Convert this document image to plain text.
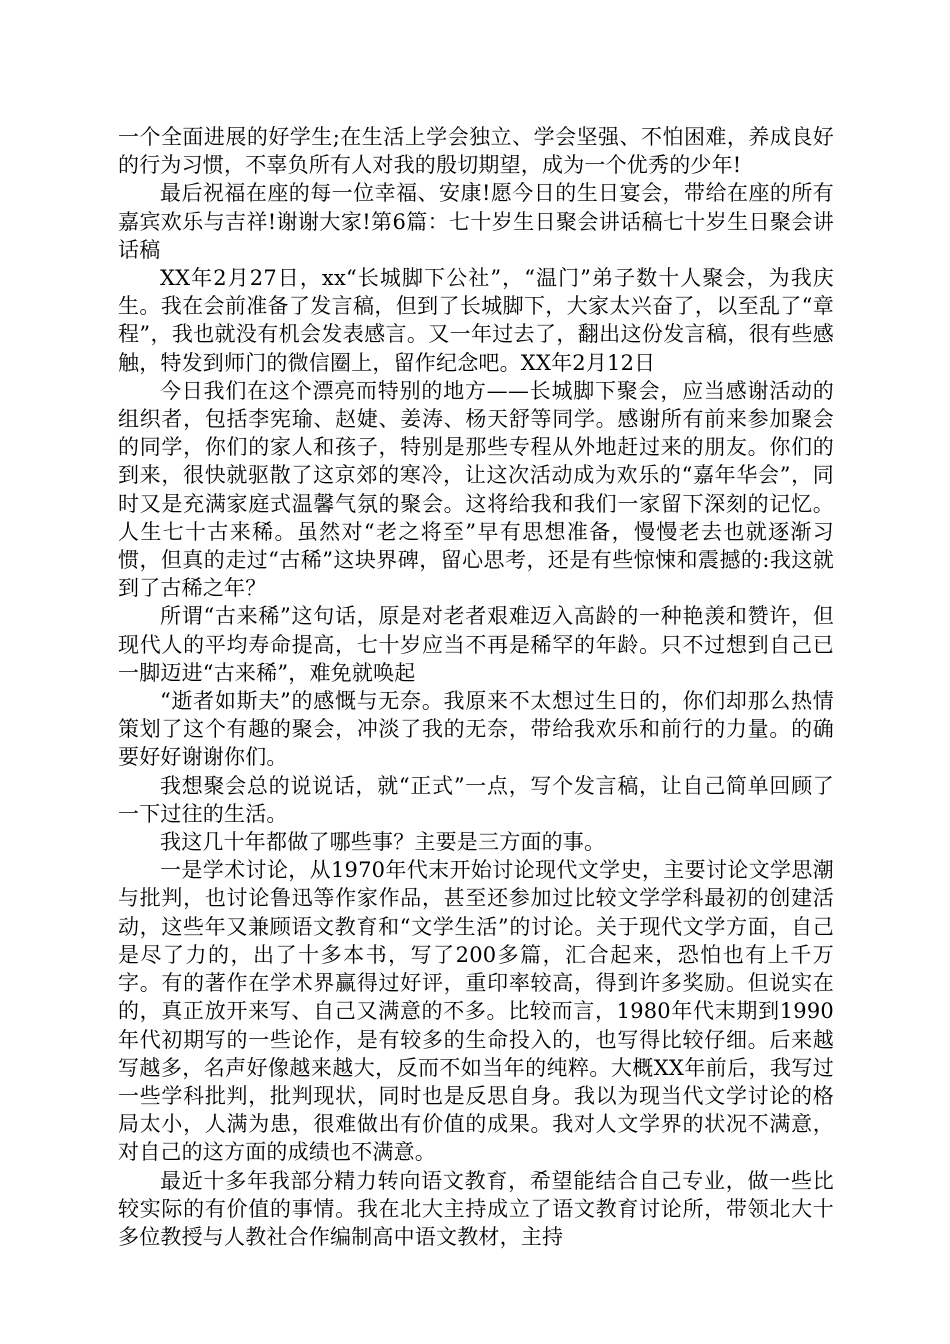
一个全面进展的好学生;在生活上学会独立、学会坚强、不怕困难，养成良好的行为习惯，不辜负所有人对我的殷切期望，成为一个优秀的少年!

最后祝福在座的每一位幸福、安康!愿今日的生日宴会，带给在座的所有嘉宾欢乐与吉祥!谢谢大家!第6篇：七十岁生日聚会讲话稿七十岁生日聚会讲话稿

XX年2月27日，xx“长城脚下公社”，“温门”弟子数十人聚会，为我庆生。我在会前准备了发言稿，但到了长城脚下，大家太兴奋了，以至乱了“章程”，我也就没有机会发表感言。又一年过去了，翻出这份发言稿，很有些感触，特发到师门的微信圈上，留作纪念吧。XX年2月12日

今日我们在这个漂亮而特别的地方——长城脚下聚会，应当感谢活动的组织者，包括李宪瑜、赵婕、姜涛、杨天舒等同学。感谢所有前来参加聚会的同学，你们的家人和孩子，特别是那些专程从外地赶过来的朋友。你们的到来，很快就驱散了这京郊的寒冷，让这次活动成为欢乐的“嘉年华会”，同时又是充满家庭式温馨气氛的聚会。这将给我和我们一家留下深刻的记忆。人生七十古来稀。虽然对“老之将至”早有思想准备，慢慢老去也就逐渐习惯，但真的走过“古稀”这块界碑，留心思考，还是有些惊悚和震撼的:我这就到了古稀之年？

所谓“古来稀”这句话，原是对老者艰难迈入高龄的一种艳羡和赞许，但现代人的平均寿命提高，七十岁应当不再是稀罕的年龄。只不过想到自己已一脚迈进“古来稀”，难免就唤起

“逝者如斯夫”的感慨与无奈。我原来不太想过生日的，你们却那么热情策划了这个有趣的聚会，冲淡了我的无奈，带给我欢乐和前行的力量。的确要好好谢谢你们。

我想聚会总的说说话，就“正式”一点，写个发言稿，让自己简单回顾了一下过往的生活。

我这几十年都做了哪些事？主要是三方面的事。

一是学术讨论，从1970年代末开始讨论现代文学史，主要讨论文学思潮与批判，也讨论鲁迅等作家作品，甚至还参加过比较文学学科最初的创建活动，这些年又兼顾语文教育和“文学生活”的讨论。关于现代文学方面，自己是尽了力的，出了十多本书，写了200多篇，汇合起来，恐怕也有上千万字。有的著作在学术界赢得过好评，重印率较高，得到许多奖励。但说实在的，真正放开来写、自己又满意的不多。比较而言，1980年代末期到1990年代初期写的一些论作，是有较多的生命投入的，也写得比较仔细。后来越写越多，名声好像越来越大，反而不如当年的纯粹。大概XX年前后，我写过一些学科批判，批判现状，同时也是反思自身。我以为现当代文学讨论的格局太小，人满为患，很难做出有价值的成果。我对人文学界的状况不满意，对自己的这方面的成绩也不满意。

最近十多年我部分精力转向语文教育，希望能结合自己专业，做一些比较实际的有价值的事情。我在北大主持成立了语文教育讨论所，带领北大十多位教授与人教社合作编制高中语文教材，主持
